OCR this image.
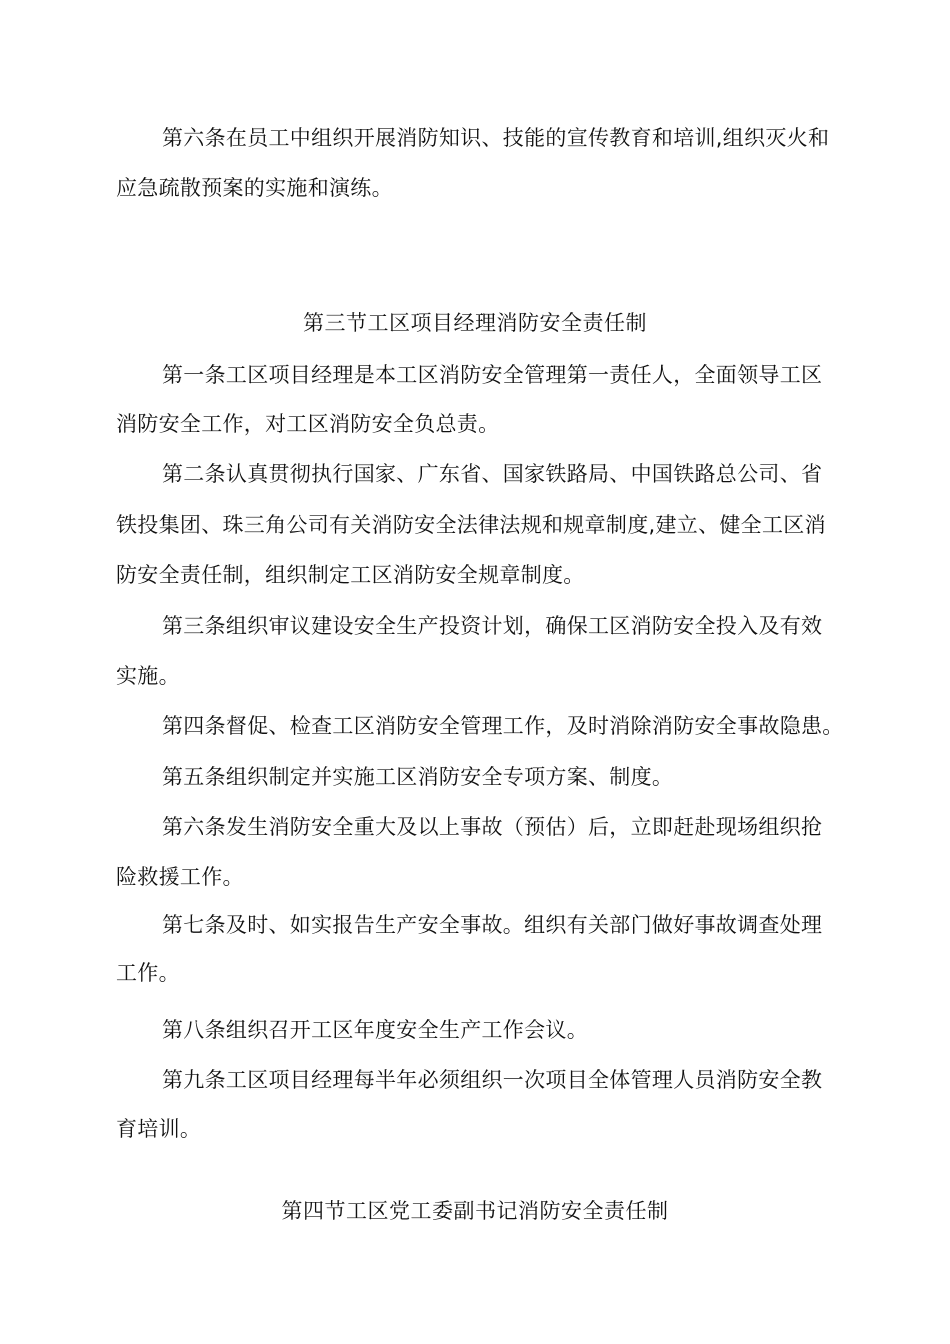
第六条在员工中组织开展消防知识、技能的宣传教育和培训,组织灭火和
应急疏散预案的实施和演练。
第三节工区项目经理消防安全责任制
第一条工区项目经理是本工区消防安全管理第一责任人，全面领导工区
消防安全工作，对工区消防安全负总责。
第二条认真贯彻执行国家、广东省、国家铁路局、中国铁路总公司、省
铁投集团、珠三角公司有关消防安全法律法规和规章制度,建立、健全工区消
防安全责任制，组织制定工区消防安全规章制度。
第三条组织审议建设安全生产投资计划，确保工区消防安全投入及有效
实施。
第四条督促、检查工区消防安全管理工作，及时消除消防安全事故隐患。
第五条组织制定并实施工区消防安全专项方案、制度。
第六条发生消防安全重大及以上事故（预估）后，立即赶赴现场组织抢
险救援工作。
第七条及时、如实报告生产安全事故。组织有关部门做好事故调查处理
工作。
第八条组织召开工区年度安全生产工作会议。
第九条工区项目经理每半年必须组织一次项目全体管理人员消防安全教
育培训。
第四节工区党工委副书记消防安全责任制
